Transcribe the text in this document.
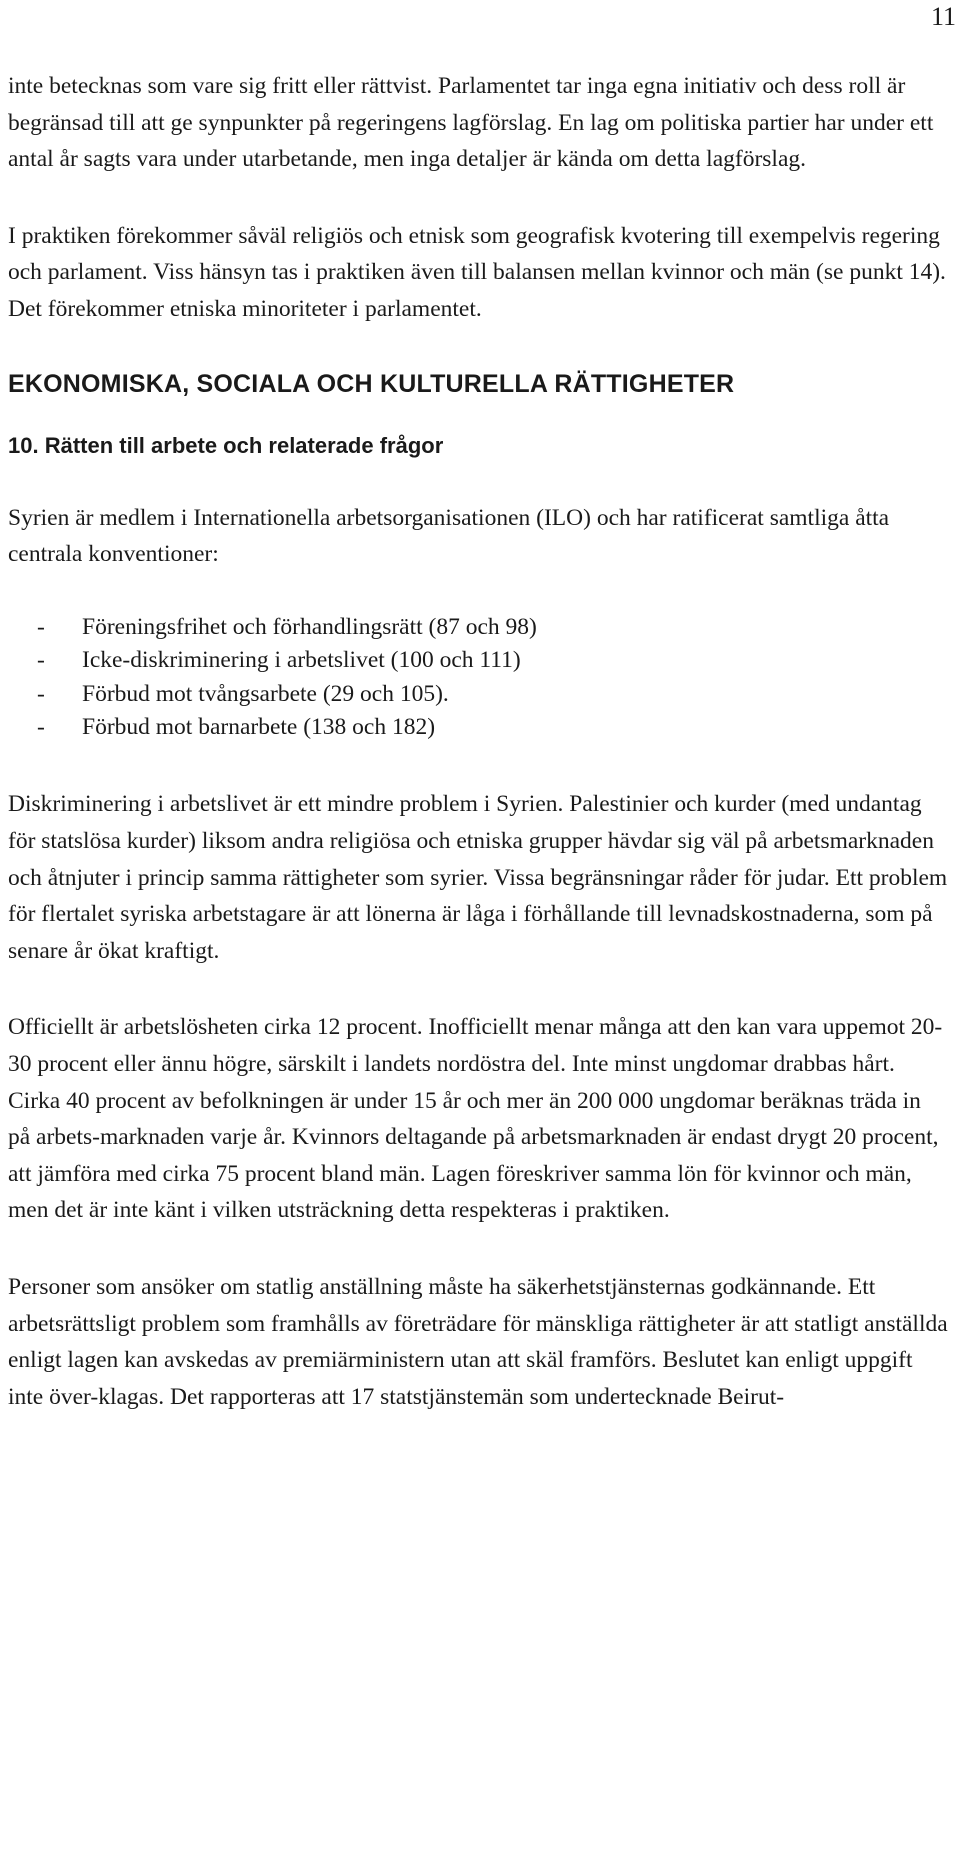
11

inte betecknas som vare sig fritt eller rättvist. Parlamentet tar inga egna initiativ och dess roll är begränsad till att ge synpunkter på regeringens lagförslag. En lag om politiska partier har under ett antal år sagts vara under utarbetande, men inga detaljer är kända om detta lagförslag.

I praktiken förekommer såväl religiös och etnisk som geografisk kvotering till exempelvis regering och parlament. Viss hänsyn tas i praktiken även till balansen mellan kvinnor och män (se punkt 14). Det förekommer etniska minoriteter i parlamentet.

EKONOMISKA, SOCIALA OCH KULTURELLA RÄTTIGHETER
10. Rätten till arbete och relaterade frågor

Syrien är medlem i Internationella arbetsorganisationen (ILO) och har ratificerat samtliga åtta centrala konventioner:

-	Föreningsfrihet och förhandlingsrätt (87 och 98)
-	Icke-diskriminering i arbetslivet (100 och 111)
-	Förbud mot tvångsarbete (29 och 105).
-	Förbud mot barnarbete (138 och 182)

Diskriminering i arbetslivet är ett mindre problem i Syrien. Palestinier och kurder (med undantag för statslösa kurder) liksom andra religiösa och etniska grupper hävdar sig väl på arbetsmarknaden och åtnjuter i princip samma rättigheter som syrier. Vissa begränsningar råder för judar. Ett problem för flertalet syriska arbetstagare är att lönerna är låga i förhållande till levnadskostnaderna, som på senare år ökat kraftigt.

Officiellt är arbetslösheten cirka 12 procent. Inofficiellt menar många att den kan vara uppemot 20-30 procent eller ännu högre, särskilt i landets nordöstra del. Inte minst ungdomar drabbas hårt. Cirka 40 procent av befolkningen är under 15 år och mer än 200 000 ungdomar beräknas träda in på arbets-marknaden varje år. Kvinnors deltagande på arbetsmarknaden är endast drygt 20 procent, att jämföra med cirka 75 procent bland män. Lagen föreskriver samma lön för kvinnor och män, men det är inte känt i vilken utsträckning detta respekteras i praktiken.

Personer som ansöker om statlig anställning måste ha säkerhetstjänsternas godkännande. Ett arbetsrättsligt problem som framhålls av företrädare för mänskliga rättigheter är att statligt anställda enligt lagen kan avskedas av premiärministern utan att skäl framförs. Beslutet kan enligt uppgift inte över-klagas. Det rapporteras att 17 statstjänstemän som undertecknade Beirut-
